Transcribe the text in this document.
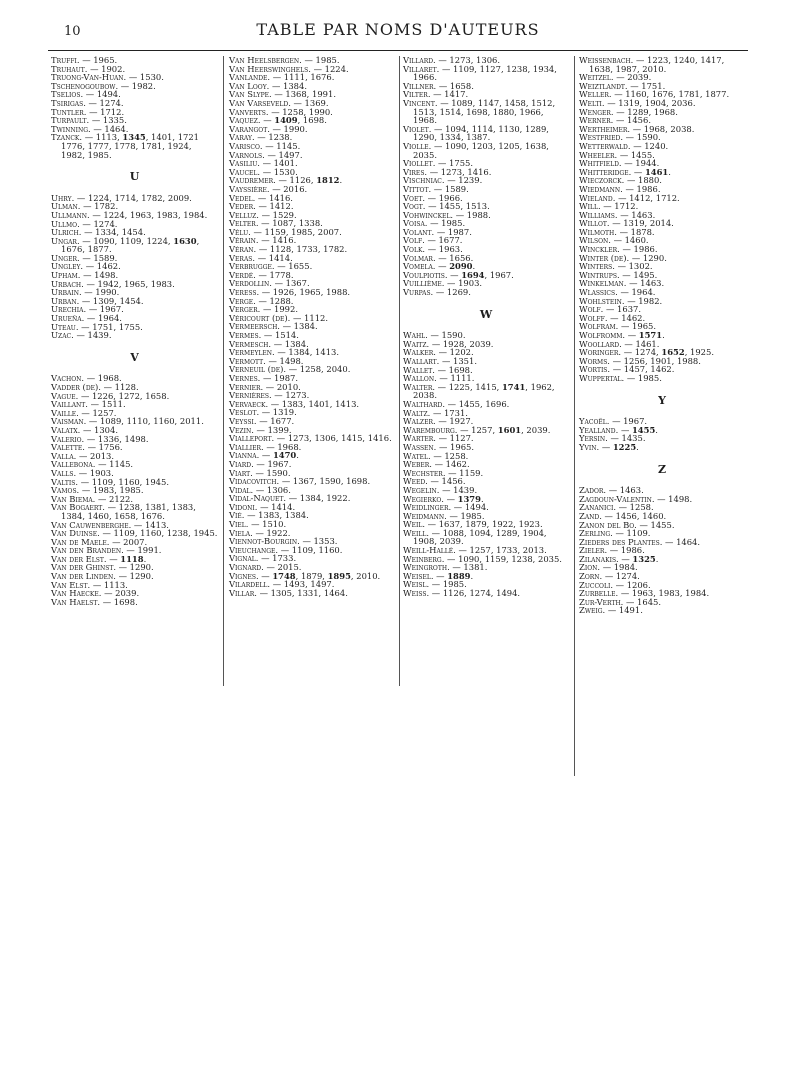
10	TABLE PAR NOMS D'AUTEURS

Truffi. — 1965.

Truhaut. — 1902.

Truong-Van-Huan. — 1530.

Tschenogoubow. — 1982.

Tselios. — 1494.

Tsirigas. — 1274.

Tuntler. — 1712.

Turpault. — 1335.

Twinning. — 1464.

Tzanck. — 1113, 1345, 1401, 1721 1776, 1777, 1778, 1781, 1924, 1982, 1985.

U

Uhry. — 1224, 1714, 1782, 2009.

Ulman. — 1782.

Ullmann. — 1224, 1963, 1983, 1984.

Ullmo. — 1274.

Ulrich. — 1334, 1454.

Ungar. — 1090, 1109, 1224, 1630, 1676, 1877.

Unger. — 1589.

Ungley. — 1462.

Upham. — 1498.

Urbach. — 1942, 1965, 1983.

Urbain. — 1990.

Urban. — 1309, 1454.

Urechia. — 1967.

Urueña. — 1964.

Uteau. — 1751, 1755.

Uzac. — 1439.

V

Vachon. — 1968.

Vadder (de). — 1128.

Vague. — 1226, 1272, 1658.

Vaillant. — 1511.

Vaille. — 1257.

Vaisman. — 1089, 1110, 1160, 2011.

Valatx. — 1304.

Valerio. — 1336, 1498.

Valette. — 1756.

Valla. — 2013.

Vallebona. — 1145.

Valls. — 1903.

Valtis. — 1109, 1160, 1945.

Vamos. — 1983, 1985.

Van Biema. — 2122.

Van Bogaert. — 1238, 1381, 1383, 1384, 1460, 1658, 1676.

Van Cauwenberghe. — 1413.

Van Duinse. — 1109, 1160, 1238, 1945.

Van de Maele. — 2007.

Van den Branden. — 1991.

Van der Elst. — 1118.

Van der Ghinst. — 1290.

Van der Linden. — 1290.

Van Elst. — 1113.

Van Haecke. — 2039.

Van Haelst. — 1698.

Van Heelsbergen. — 1985.

Van Heerswinghels. — 1224.

Vanlande. — 1111, 1676.

Van Looy. — 1384.

Van Slype. — 1368, 1991.

Van Varseveld. — 1369.

Vanverts. — 1258, 1990.

Vaquez. — 1409, 1698.

Varangot. — 1990.

Varay. — 1238.

Varisco. — 1145.

Varnols. — 1497.

Vasiliu. — 1401.

Vaucel. — 1530.

Vaudremer. — 1126, 1812.

Vayssière. — 2016.

Vedel. — 1416.

Veder. — 1412.

Velluz. — 1529.

Velter. — 1087, 1338.

Vélu. — 1159, 1985, 2007.

Vérain. — 1416.

Véran. — 1128, 1733, 1782.

Veras. — 1414.

Verbrugge. — 1655.

Verdé. — 1778.

Verdollin. — 1367.

Veress. — 1926, 1965, 1988.

Verge. — 1288.

Verger. — 1992.

Véricourt (de). — 1112.

Vermeersch. — 1384.

Vermes. — 1514.

Vermesch. — 1384.

Vermeylen. — 1384, 1413.

Vermott. — 1498.

Verneuil (de). — 1258, 2040.

Vernes. — 1987.

Vernier. — 2010.

Vernières. — 1273.

Vervaeck. — 1383, 1401, 1413.

Veslot. — 1319.

Veyssi. — 1677.

Vezin. — 1399.

Vialleport. — 1273, 1306, 1415, 1416.

Viallier. — 1968.

Vianna. — 1470.

Viard. — 1967.

Viart. — 1590.

Vidacovitch. — 1367, 1590, 1698.

Vidal. — 1306.

Vidal-Naquet. — 1384, 1922.

Vidoni. — 1414.

Vié. — 1383, 1384.

Viel. — 1510.

Viela. — 1922.

Viennot-Bourgin. — 1353.

Vieuchange. — 1109, 1160.

Vignal. — 1733.

Vignard. — 2015.

Vignes. — 1748, 1879, 1895, 2010.

Vilardell. — 1493, 1497.

Villar. — 1305, 1331, 1464.

Villard. — 1273, 1306.

Villaret. — 1109, 1127, 1238, 1934, 1966.

Villner. — 1658.

Vilter. — 1417.

Vincent. — 1089, 1147, 1458, 1512, 1513, 1514, 1698, 1880, 1966, 1968.

Violet. — 1094, 1114, 1130, 1289, 1290, 1334, 1387.

Violle. — 1090, 1203, 1205, 1638, 2035.

Viollet. — 1755.

Vires. — 1273, 1416.

Vischniac. — 1239.

Vittot. — 1589.

Voet. — 1966.

Vogt. — 1455, 1513.

Vohwinckel. — 1988.

Voisa. — 1985.

Volant. — 1987.

Volf. — 1677.

Volk. — 1963.

Volmar. — 1656.

Vomela. — 2090.

Voulpiotis. — 1694, 1967.

Vuillième. — 1903.

Vurpas. — 1269.

W

Wahl. — 1590.

Waitz. — 1928, 2039.

Walker. — 1202.

Wallart. — 1351.

Wallet. — 1698.

Wallon. — 1111.

Walter. — 1225, 1415, 1741, 1962, 2038.

Walthard. — 1455, 1696.

Waltz. — 1731.

Walzer. — 1927.

Warembourg. — 1257, 1601, 2039.

Warter. — 1127.

Wassen. — 1965.

Watel. — 1258.

Weber. — 1462.

Wechster. — 1159.

Weed. — 1456.

Wegelin. — 1439.

Wegierko. — 1379.

Weidlinger. — 1494.

Weidmann. — 1985.

Weil. — 1637, 1879, 1922, 1923.

Weill. — 1088, 1094, 1289, 1904, 1908, 2039.

Weill-Hallé. — 1257, 1733, 2013.

Weinberg. — 1090, 1159, 1238, 2035.

Weingroth. — 1381.

Weisel. — 1889.

Weisl. — 1985.

Weiss. — 1126, 1274, 1494.

Weissenbach. — 1223, 1240, 1417, 1638, 1987, 2010.

Weitzel. — 2039.

Weiztlandt. — 1751.

Weller. — 1160, 1676, 1781, 1877.

Welti. — 1319, 1904, 2036.

Wenger. — 1289, 1968.

Werner. — 1456.

Wertheimer. — 1968, 2038.

Westfried. — 1590.

Wetterwald. — 1240.

Wheeler. — 1455.

Whitfield. — 1944.

Whitteridge. — 1461.

Wieczorck. — 1880.

Wiedmann. — 1986.

Wieland. — 1412, 1712.

Will. — 1712.

Williams. — 1463.

Willot. — 1319, 2014.

Wilmoth. — 1878.

Wilson. — 1460.

Winckler. — 1986.

Winter (de). — 1290.

Winters. — 1302.

Wintrups. — 1495.

Winkelman. — 1463.

Wlassics. — 1964.

Wohlstein. — 1982.

Wolf. — 1637.

Wolff. — 1462.

Wolfram. — 1965.

Wolfromm. — 1571.

Woollard. — 1461.

Woringer. — 1274, 1652, 1925.

Worms. — 1256, 1901, 1988.

Wortis. — 1457, 1462.

Wuppertal. — 1985.

Y

Yacoël. — 1967.

Yealland. — 1455.

Yersin. — 1435.

Yvin. — 1225.

Z

Zador. — 1463.

Zagdoun-Valentin. — 1498.

Zananici. — 1258.

Zand. — 1456, 1460.

Zanon del Bo. — 1455.

Zerling. — 1109.

Zieders des Plantes. — 1464.

Zieler. — 1986.

Zilanakis. — 1325.

Zion. — 1984.

Zorn. — 1274.

Zuccoli. — 1206.

Zurbelle. — 1963, 1983, 1984.

Zur-Verth. — 1645.

Zweig. — 1491.
